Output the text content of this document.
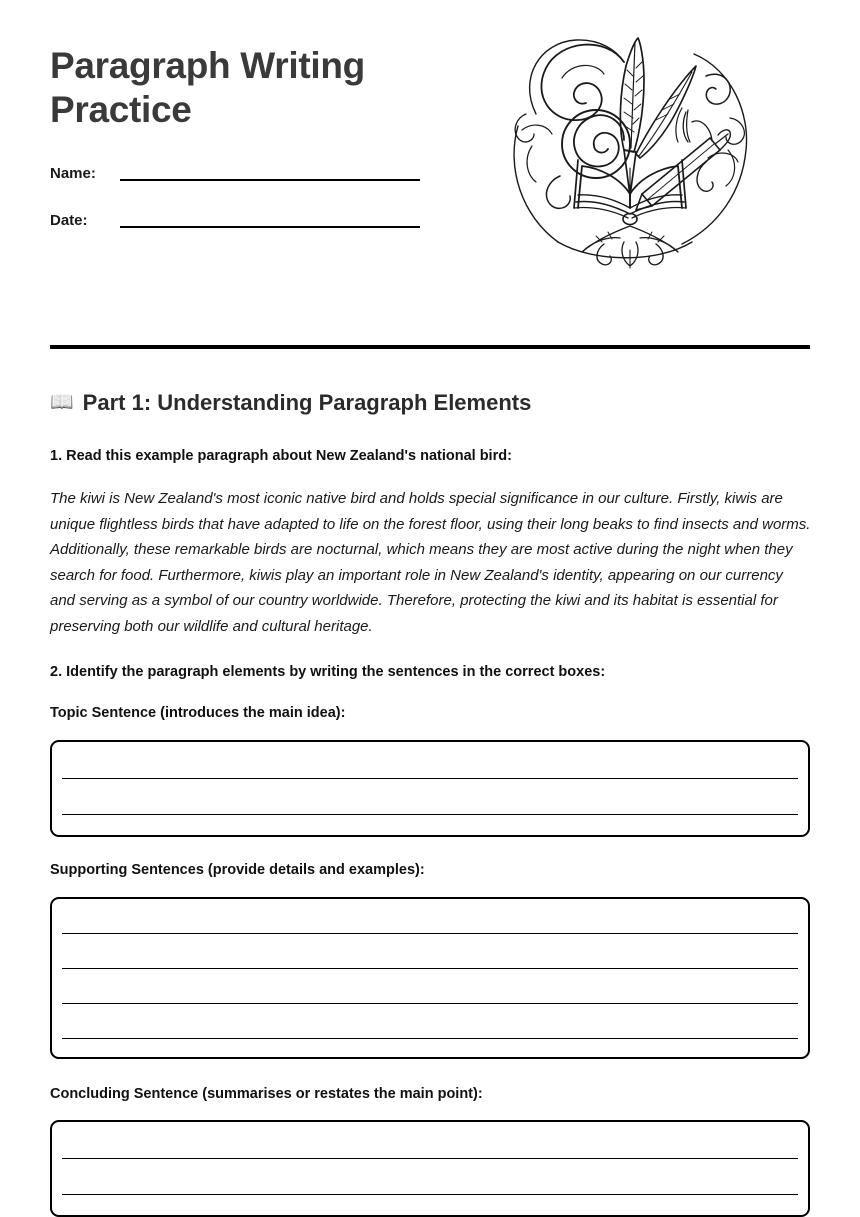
Paragraph Writing Practice
Name:
Date:
📖 Part 1: Understanding Paragraph Elements
1. Read this example paragraph about New Zealand's national bird:
The kiwi is New Zealand's most iconic native bird and holds special significance in our culture. Firstly, kiwis are unique flightless birds that have adapted to life on the forest floor, using their long beaks to find insects and worms. Additionally, these remarkable birds are nocturnal, which means they are most active during the night when they search for food. Furthermore, kiwis play an important role in New Zealand's identity, appearing on our currency and serving as a symbol of our country worldwide. Therefore, protecting the kiwi and its habitat is essential for preserving both our wildlife and cultural heritage.
2. Identify the paragraph elements by writing the sentences in the correct boxes:
Topic Sentence (introduces the main idea):
Supporting Sentences (provide details and examples):
Concluding Sentence (summarises or restates the main point):
